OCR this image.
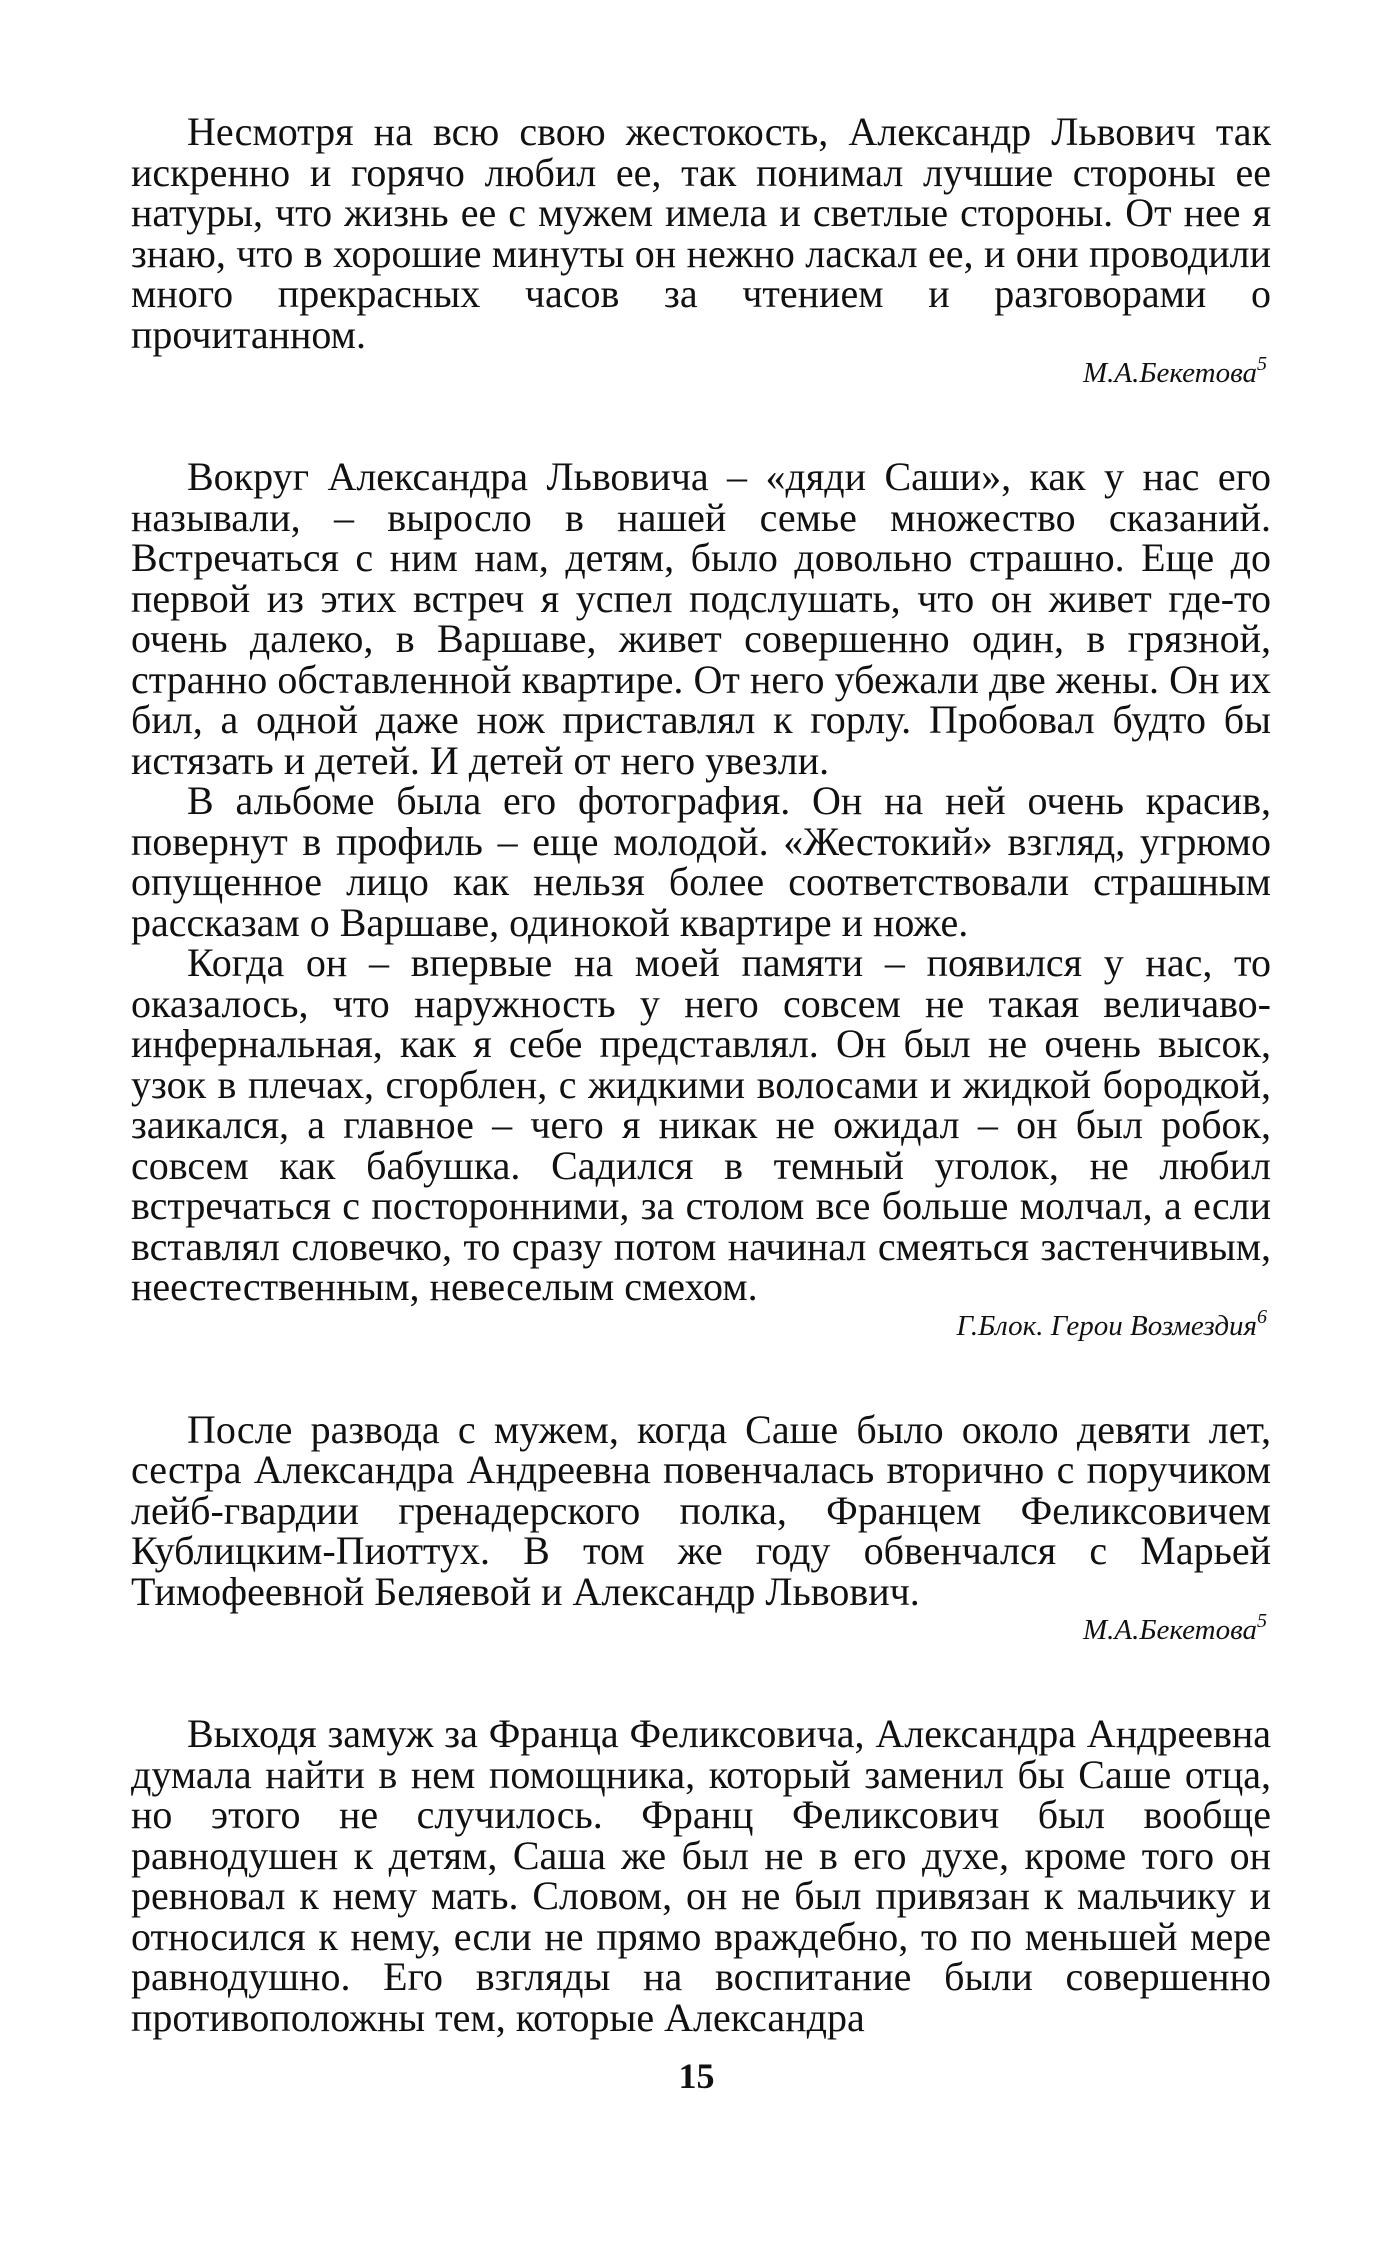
Несмотря на всю свою жестокость, Александр Львович так искренно и горячо любил ее, так понимал лучшие стороны ее натуры, что жизнь ее с мужем имела и светлые стороны. От нее я знаю, что в хорошие минуты он нежно ласкал ее, и они проводили много прекрасных часов за чтением и разговорами о прочитанном.

М.А.Бекетова$^5$

Вокруг Александра Львовича – «дяди Саши», как у нас его называли, – выросло в нашей семье множество сказаний. Встречаться с ним нам, детям, было довольно страшно. Еще до первой из этих встреч я успел подслушать, что он живет где-то очень далеко, в Варшаве, живет совершенно один, в грязной, странно обставленной квартире. От него убежали две жены. Он их бил, а одной даже нож приставлял к горлу. Пробовал будто бы истязать и детей. И детей от него увезли.

В альбоме была его фотография. Он на ней очень красив, повернут в профиль – еще молодой. «Жестокий» взгляд, угрюмо опущенное лицо как нельзя более соответствовали страшным рассказам о Варшаве, одинокой квартире и ноже.

Когда он – впервые на моей памяти – появился у нас, то оказалось, что наружность у него совсем не такая величаво-инфернальная, как я себе представлял. Он был не очень высок, узок в плечах, сгорблен, с жидкими волосами и жидкой бородкой, заикался, а главное – чего я никак не ожидал – он был робок, совсем как бабушка. Садился в темный уголок, не любил встречаться с посторонними, за столом все больше молчал, а если вставлял словечко, то сразу потом начинал смеяться застенчивым, неестественным, невеселым смехом.

Г.Блок. Герои Возмездия$^6$

После развода с мужем, когда Саше было около девяти лет, сестра Александра Андреевна повенчалась вторично с поручиком лейб-гвардии гренадерского полка, Францем Феликсовичем Кублицким-Пиоттух. В том же году обвенчался с Марьей Тимофеевной Беляевой и Александр Львович.

М.А.Бекетова$^5$

Выходя замуж за Франца Феликсовича, Александра Андреевна думала найти в нем помощника, который заменил бы Саше отца, но этого не случилось. Франц Феликсович был вообще равнодушен к детям, Саша же был не в его духе, кроме того он ревновал к нему мать. Словом, он не был привязан к мальчику и относился к нему, если не прямо враждебно, то по меньшей мере равнодушно. Его взгляды на воспитание были совершенно противоположны тем, которые Александра

15
